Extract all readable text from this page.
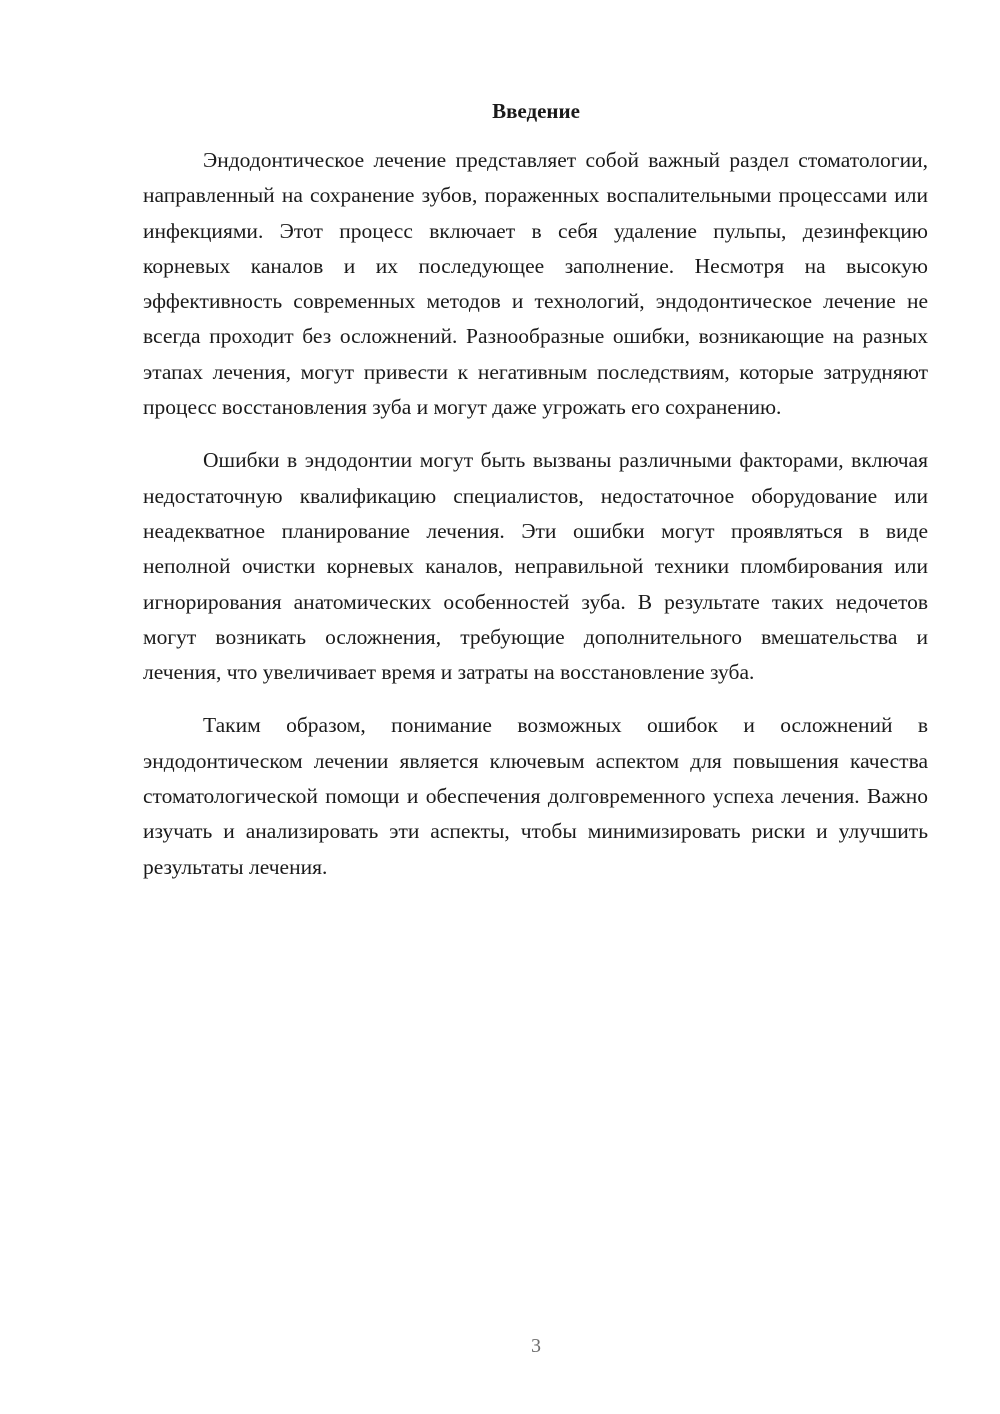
Введение

Эндодонтическое лечение представляет собой важный раздел стоматологии, направленный на сохранение зубов, пораженных воспалительными процессами или инфекциями. Этот процесс включает в себя удаление пульпы, дезинфекцию корневых каналов и их последующее заполнение. Несмотря на высокую эффективность современных методов и технологий, эндодонтическое лечение не всегда проходит без осложнений. Разнообразные ошибки, возникающие на разных этапах лечения, могут привести к негативным последствиям, которые затрудняют процесс восстановления зуба и могут даже угрожать его сохранению.

Ошибки в эндодонтии могут быть вызваны различными факторами, включая недостаточную квалификацию специалистов, недостаточное оборудование или неадекватное планирование лечения. Эти ошибки могут проявляться в виде неполной очистки корневых каналов, неправильной техники пломбирования или игнорирования анатомических особенностей зуба. В результате таких недочетов могут возникать осложнения, требующие дополнительного вмешательства и лечения, что увеличивает время и затраты на восстановление зуба.

Таким образом, понимание возможных ошибок и осложнений в эндодонтическом лечении является ключевым аспектом для повышения качества стоматологической помощи и обеспечения долговременного успеха лечения. Важно изучать и анализировать эти аспекты, чтобы минимизировать риски и улучшить результаты лечения.

3
